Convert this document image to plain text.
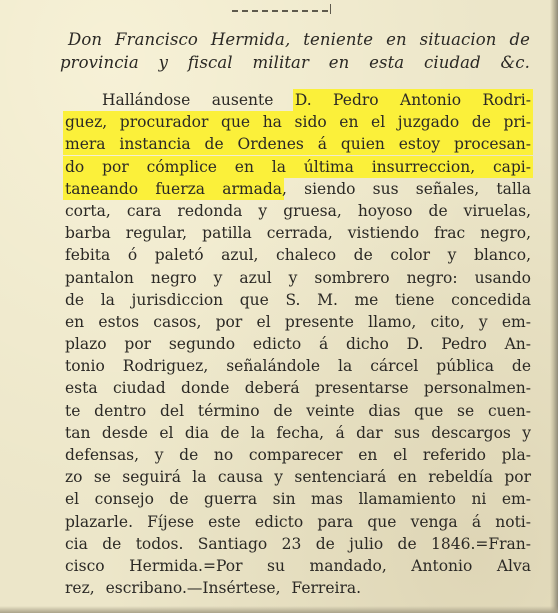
Don Francisco Hermida, teniente en situacion de
provincia y fiscal militar en esta ciudad &c.
Hallándose ausente D. Pedro Antonio Rodri-
guez, procurador que ha sido en el juzgado de pri-
mera instancia de Ordenes á quien estoy procesan-
do por cómplice en la última insurreccion, capi-
taneando fuerza armada, siendo sus señales, talla
corta, cara redonda y gruesa, hoyoso de viruelas,
barba regular, patilla cerrada, vistiendo frac negro,
febita ó paletó azul, chaleco de color y blanco,
pantalon negro y azul y sombrero negro: usando
de la jurisdiccion que S. M. me tiene concedida
en estos casos, por el presente llamo, cito, y em-
plazo por segundo edicto á dicho D. Pedro An-
tonio Rodriguez, señalándole la cárcel pública de
esta ciudad donde deberá presentarse personalmen-
te dentro del término de veinte dias que se cuen-
tan desde el dia de la fecha, á dar sus descargos y
defensas, y de no comparecer en el referido pla-
zo se seguirá la causa y sentenciará en rebeldía por
el consejo de guerra sin mas llamamiento ni em-
plazarle. Fíjese este edicto para que venga á noti-
cia de todos. Santiago 23 de julio de 1846.=Fran-
cisco Hermida.=Por su mandado, Antonio Alva
rez, escribano.—Insértese, Ferreira.
